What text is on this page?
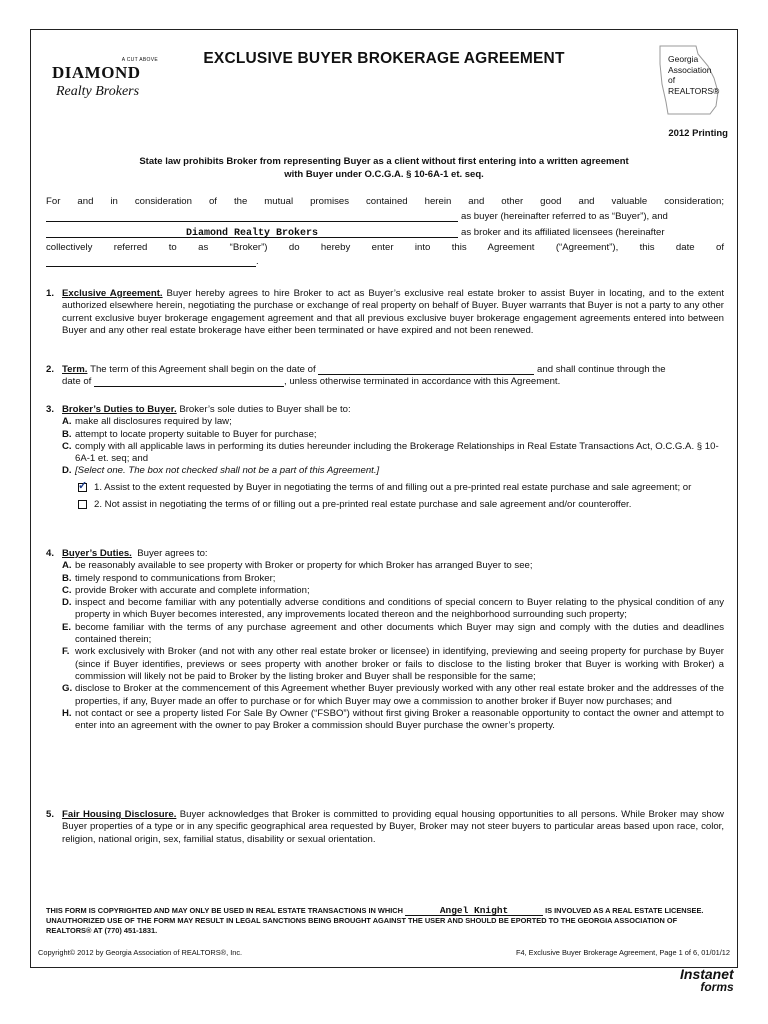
A CUT ABOVE
DIAMOND
Realty Brokers
EXCLUSIVE BUYER BROKERAGE AGREEMENT	Georgia
Association
of REALTORS®
2012 Printing
State law prohibits Broker from representing Buyer as a client without first entering into a written agreement
with Buyer under O.C.G.A. § 10-6A-1 et. seq.
For and in consideration of the mutual promises contained herein and other good and valuable consideration;
as buyer (hereinafter referred to as “Buyer”), and
Diamond Realty Brokers	as broker and its affiliated licensees (hereinafter
collectively referred to as “Broker”) do hereby enter into this Agreement (“Agreement”), this date of
.
1. Exclusive Agreement. Buyer hereby agrees to hire Broker to act as Buyer’s exclusive real estate broker to assist Buyer in locating, and to the extent authorized elsewhere herein, negotiating the purchase or exchange of real property on behalf of Buyer. Buyer warrants that Buyer is not a party to any other current exclusive buyer brokerage engagement agreement and that all previous exclusive buyer brokerage engagement agreements entered into between Buyer and any other real estate brokerage have either been terminated or have expired and not been renewed.
2. Term.
The term of this Agreement shall begin on the date of

	and shall continue through the
date of
	, unless otherwise terminated in accordance with this Agreement.
3. Broker’s Duties to Buyer. Broker’s sole duties to Buyer shall be to:
A. make all disclosures required by law;
B. attempt to locate property suitable to Buyer for purchase;
C. comply with all applicable laws in performing its duties hereunder including the Brokerage Relationships in Real Estate Transactions Act, O.C.G.A. § 10-6A-1 et. seq; and
D. [Select one. The box not checked shall not be a part of this Agreement.]
✓ 1. Assist to the extent requested by Buyer in negotiating the terms of and filling out a pre-printed real estate purchase and sale agreement; or
2. Not assist in negotiating the terms of or filling out a pre-printed real estate purchase and sale agreement and/or counteroffer.
4. Buyer’s Duties. Buyer agrees to:
A. be reasonably available to see property with Broker or property for which Broker has arranged Buyer to see;
B. timely respond to communications from Broker;
C. provide Broker with accurate and complete information;
D. inspect and become familiar with any potentially adverse conditions and conditions of special concern to Buyer relating to the physical condition of any property in which Buyer becomes interested, any improvements located thereon and the neighborhood surrounding such property;
E. become familiar with the terms of any purchase agreement and other documents which Buyer may sign and comply with the duties and deadlines contained therein;
F. work exclusively with Broker (and not with any other real estate broker or licensee) in identifying, previewing and seeing property for purchase by Buyer (since if Buyer identifies, previews or sees property with another broker or fails to disclose to the listing broker that Buyer is working with Broker) a commission will likely not be paid to Broker by the listing broker and Buyer shall be responsible for the same;
G. disclose to Broker at the commencement of this Agreement whether Buyer previously worked with any other real estate broker and the addresses of the properties, if any, Buyer made an offer to purchase or for which Buyer may owe a commission to another broker if Buyer now purchases; and
H. not contact or see a property listed For Sale By Owner (“FSBO”) without first giving Broker a reasonable opportunity to contact the owner and attempt to enter into an agreement with the owner to pay Broker a commission should Buyer purchase the owner’s property.
5. Fair Housing Disclosure. Buyer acknowledges that Broker is committed to providing equal housing opportunities to all persons. While Broker may show Buyer properties of a type or in any specific geographical area requested by Buyer, Broker may not steer buyers to particular areas based upon race, color, religion, national origin, sex, familial status, disability or sexual orientation.
THIS FORM IS COPYRIGHTED AND MAY ONLY BE USED IN REAL ESTATE TRANSACTIONS IN WHICH	Angel Knight	IS INVOLVED AS A REAL ESTATE LICENSEE. UNAUTHORIZED USE OF THE FORM MAY RESULT IN LEGAL SANCTIONS BEING BROUGHT AGAINST THE USER AND SHOULD BE EPORTED TO THE GEORGIA ASSOCIATION OF REALTORS® AT (770) 451-1831.
Copyright© 2012 by Georgia Association of REALTORS®, Inc.	F4, Exclusive Buyer Brokerage Agreement, Page 1 of 6, 01/01/12
Instanet
forms
